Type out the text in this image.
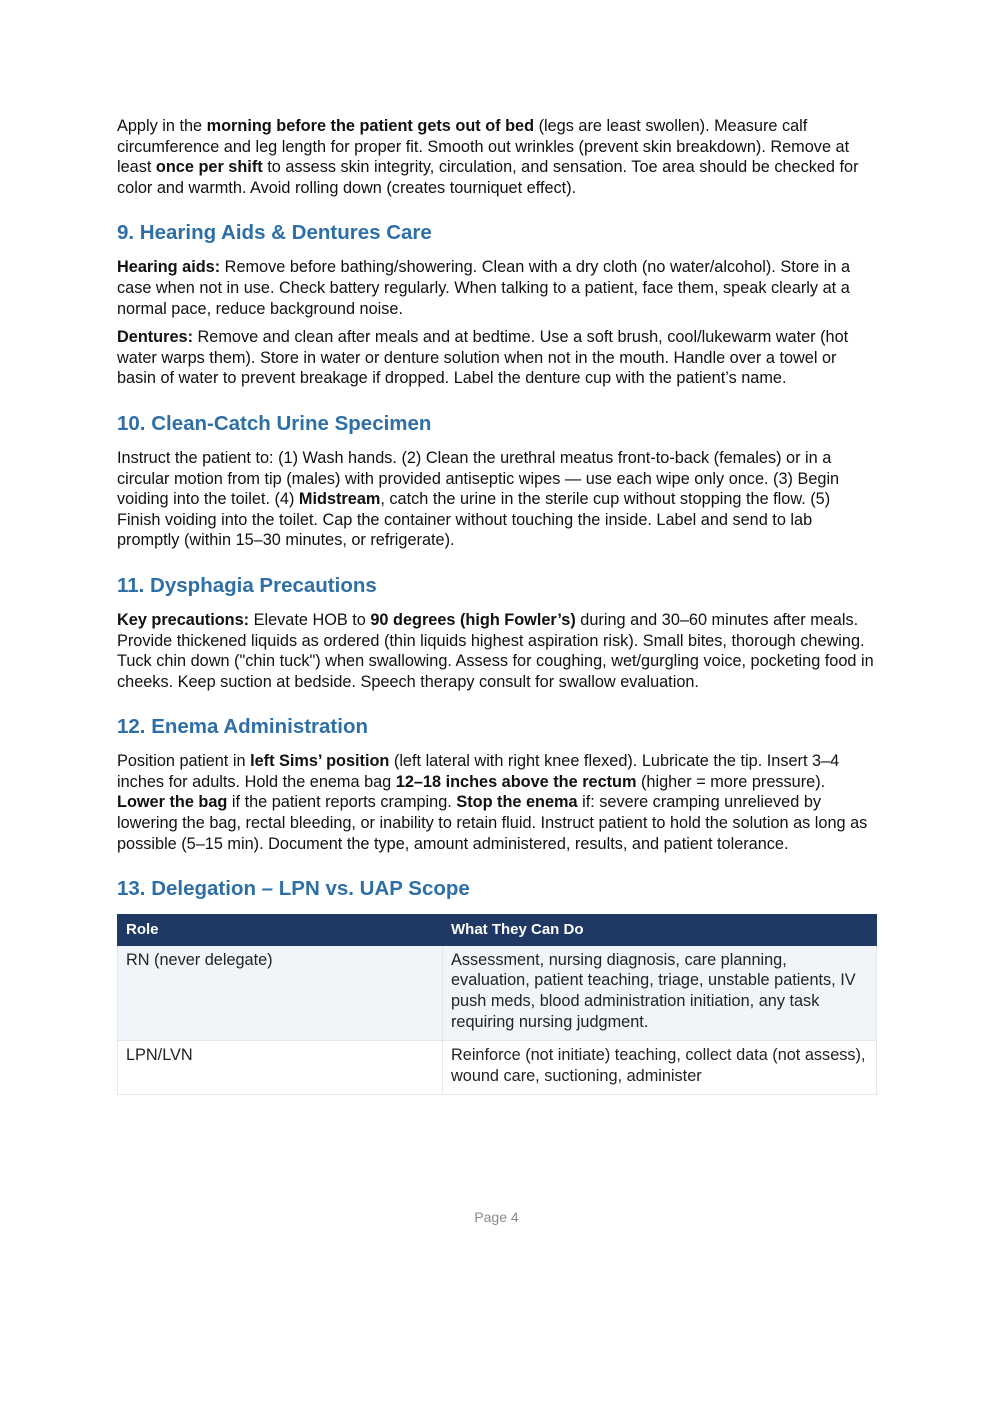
Apply in the morning before the patient gets out of bed (legs are least swollen). Measure calf circumference and leg length for proper fit. Smooth out wrinkles (prevent skin breakdown). Remove at least once per shift to assess skin integrity, circulation, and sensation. Toe area should be checked for color and warmth. Avoid rolling down (creates tourniquet effect).

9. Hearing Aids & Dentures Care

Hearing aids: Remove before bathing/showering. Clean with a dry cloth (no water/alcohol). Store in a case when not in use. Check battery regularly. When talking to a patient, face them, speak clearly at a normal pace, reduce background noise.

Dentures: Remove and clean after meals and at bedtime. Use a soft brush, cool/lukewarm water (hot water warps them). Store in water or denture solution when not in the mouth. Handle over a towel or basin of water to prevent breakage if dropped. Label the denture cup with the patient’s name.

10. Clean-Catch Urine Specimen

Instruct the patient to: (1) Wash hands. (2) Clean the urethral meatus front-to-back (females) or in a circular motion from tip (males) with provided antiseptic wipes — use each wipe only once. (3) Begin voiding into the toilet. (4) Midstream, catch the urine in the sterile cup without stopping the flow. (5) Finish voiding into the toilet. Cap the container without touching the inside. Label and send to lab promptly (within 15–30 minutes, or refrigerate).

11. Dysphagia Precautions

Key precautions: Elevate HOB to 90 degrees (high Fowler’s) during and 30–60 minutes after meals. Provide thickened liquids as ordered (thin liquids highest aspiration risk). Small bites, thorough chewing. Tuck chin down ("chin tuck") when swallowing. Assess for coughing, wet/gurgling voice, pocketing food in cheeks. Keep suction at bedside. Speech therapy consult for swallow evaluation.

12. Enema Administration

Position patient in left Sims’ position (left lateral with right knee flexed). Lubricate the tip. Insert 3–4 inches for adults. Hold the enema bag 12–18 inches above the rectum (higher = more pressure). Lower the bag if the patient reports cramping. Stop the enema if: severe cramping unrelieved by lowering the bag, rectal bleeding, or inability to retain fluid. Instruct patient to hold the solution as long as possible (5–15 min). Document the type, amount administered, results, and patient tolerance.

13. Delegation – LPN vs. UAP Scope
Role	What They Can Do
RN (never delegate)	Assessment, nursing diagnosis, care planning, evaluation, patient teaching, triage, unstable patients, IV push meds, blood administration initiation, any task requiring nursing judgment.
LPN/LVN	Reinforce (not initiate) teaching, collect data (not assess), wound care, suctioning, administer
Page 4
